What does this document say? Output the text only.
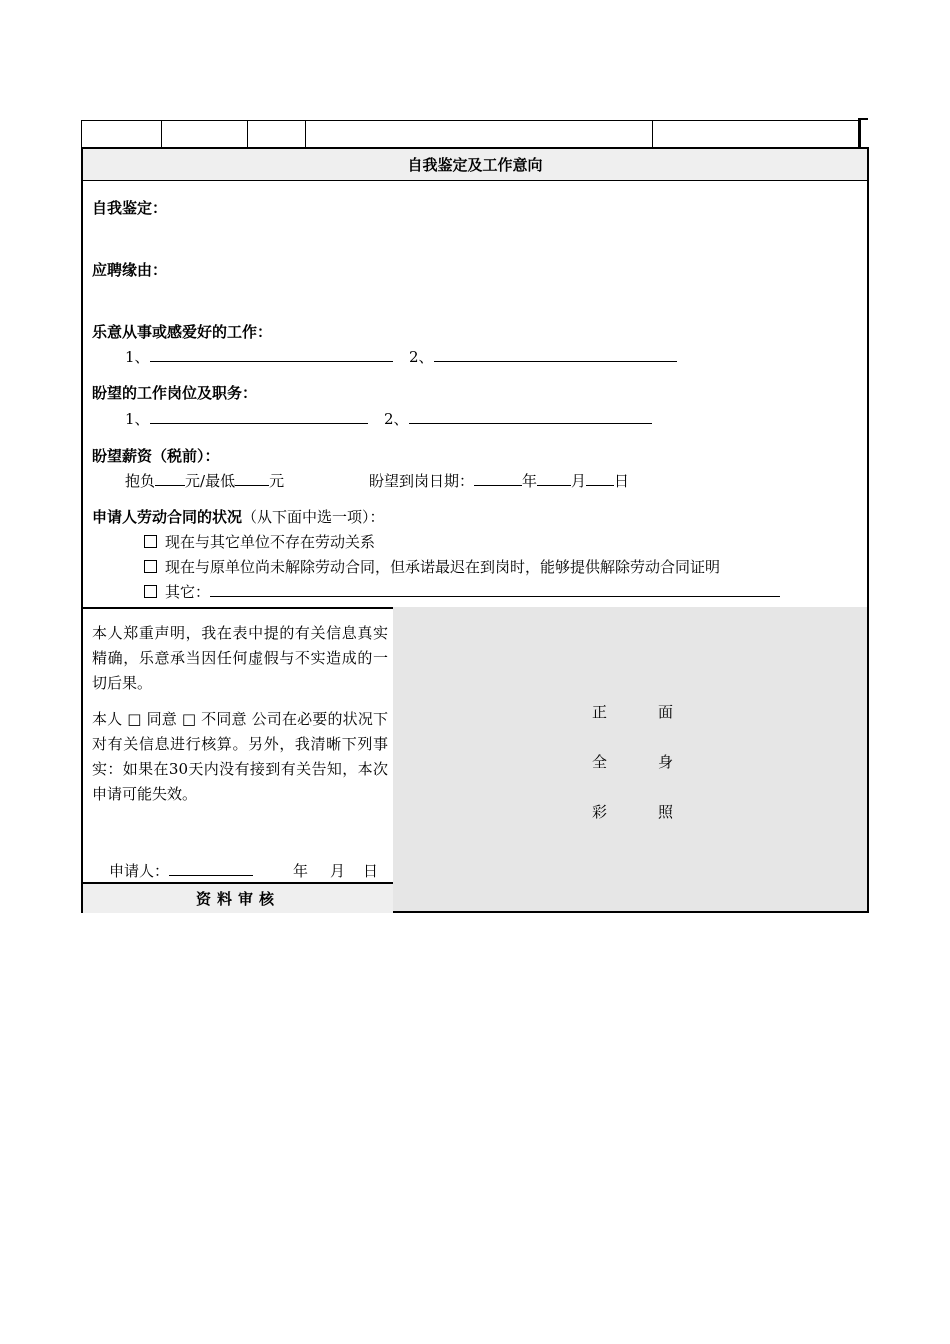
自我鉴定及工作意向
自我鉴定：
应聘缘由：
乐意从事或感爱好的工作：
1、	2、
盼望的工作岗位及职务：
1、	2、
盼望薪资（税前）：
抱负 元/最低 元	盼望到岗日期：	年 月 日
申请人劳动合同的状况（从下面中选一项）：
现在与其它单位不存在劳动关系
现在与原单位尚未解除劳动合同，但承诺最迟在到岗时，能够提供解除劳动合同证明
其它：
本人郑重声明，我在表中提的有关信息真实精确，乐意承当因任何虚假与不实造成的一切后果。
本人 □ 同意 □ 不同意 公司在必要的状况下对有关信息进行核算。另外，我清晰下列事实：如果在30天内没有接到有关告知，本次申请可能失效。
申请人：	年 月 日
资料审核
正	面
全	身
彩	照
